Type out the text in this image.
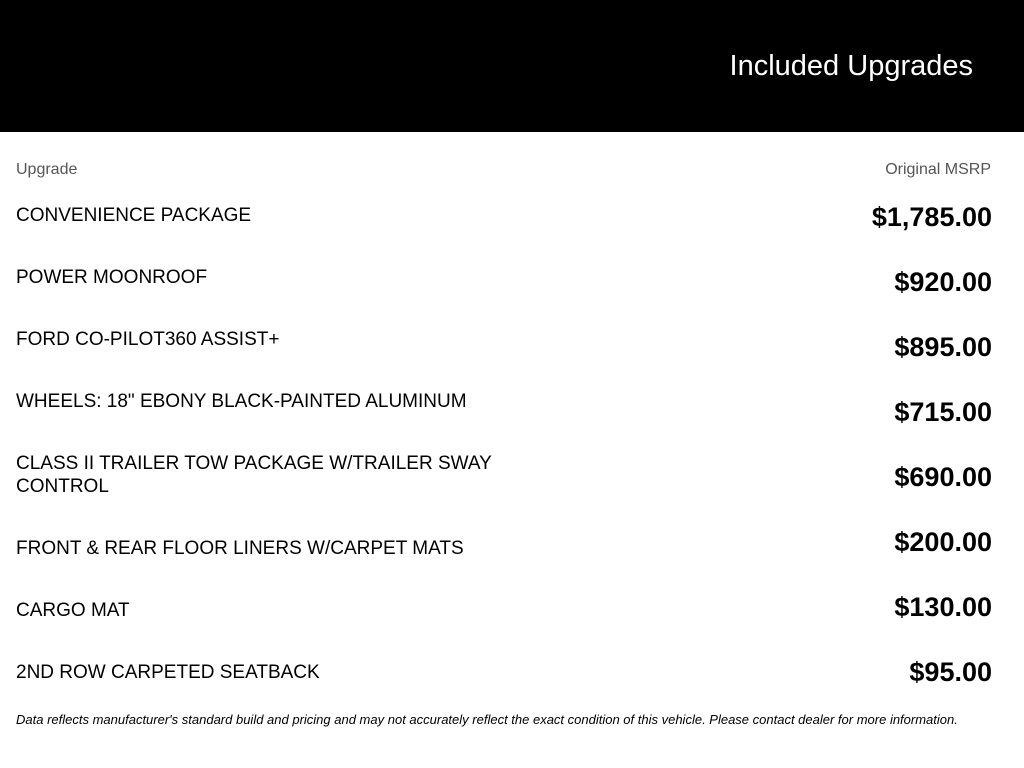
Included Upgrades
Upgrade	Original MSRP
CONVENIENCE PACKAGE
POWER MOONROOF
FORD CO-PILOT360 ASSIST+
WHEELS: 18" EBONY BLACK-PAINTED ALUMINUM
CLASS II TRAILER TOW PACKAGE W/TRAILER SWAY CONTROL
FRONT & REAR FLOOR LINERS W/CARPET MATS
CARGO MAT
2ND ROW CARPETED SEATBACK
$1,785.00
$920.00
$895.00
$715.00
$690.00
$200.00
$130.00
$95.00
Data reflects manufacturer's standard build and pricing and may not accurately reflect the exact condition of this vehicle. Please contact dealer for more information.
